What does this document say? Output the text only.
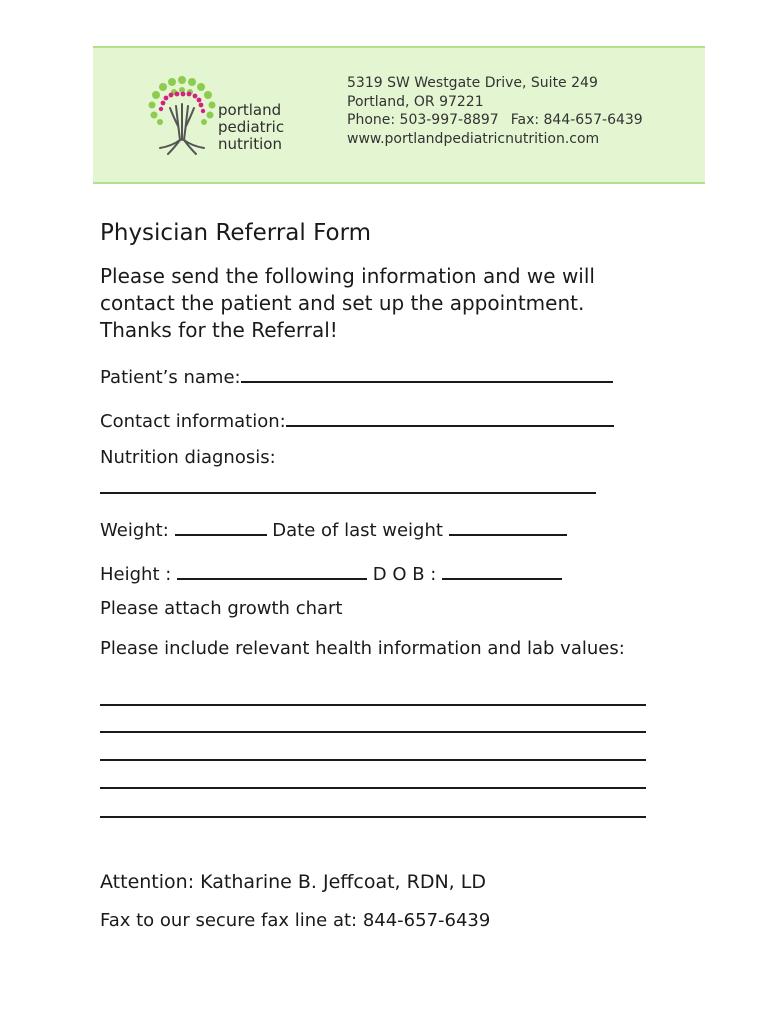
portland
pediatric
nutrition
5319 SW Westgate Drive, Suite 249
Portland, OR 97221
Phone: 503-997-8897 Fax: 844-657-6439
www.portlandpediatricnutrition.com
Physician Referral Form
Please send the following information and we will
contact the patient and set up the appointment.
Thanks for the Referral!
Patient’s name:
Contact information:
Nutrition diagnosis:
Weight:	Date of last weight
Height :	D O B :
Please attach growth chart
Please include relevant health information and lab values:
Attention: Katharine B. Jeffcoat, RDN, LD
Fax to our secure fax line at: 844-657-6439
